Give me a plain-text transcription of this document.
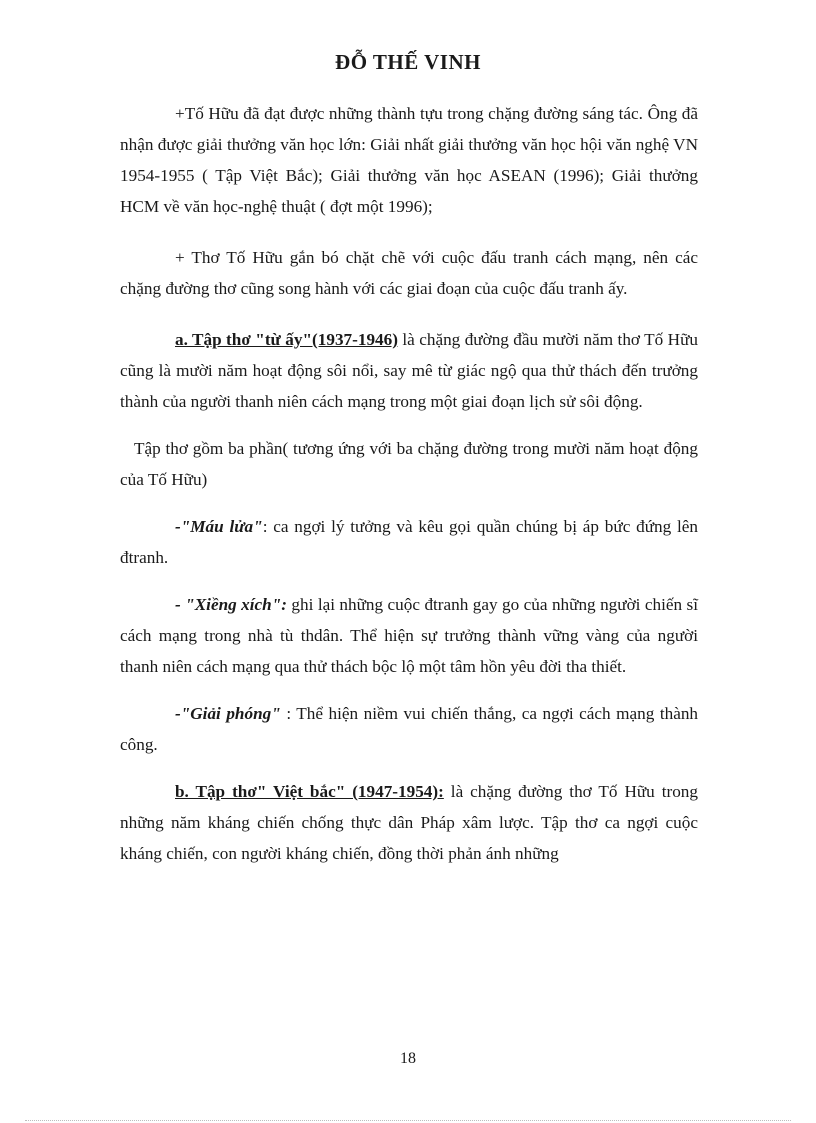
ĐỖ THẾ VINH

+Tố Hữu đã đạt được những thành tựu trong chặng đường sáng tác. Ông đã nhận được giải thưởng văn học lớn: Giải nhất giải thưởng văn học hội văn nghệ VN 1954-1955 ( Tập Việt Bắc); Giải thưởng văn học ASEAN (1996); Giải thưởng HCM về văn học-nghệ thuật ( đợt một 1996);

+ Thơ Tố Hữu gắn bó chặt chẽ với cuộc đấu tranh cách mạng, nên các chặng đường thơ cũng song hành với các giai đoạn của cuộc đấu tranh ấy.

a. Tập thơ "từ ấy"(1937-1946) là chặng đường đầu mười năm thơ Tố Hữu cũng là mười năm hoạt động sôi nổi, say mê từ giác ngộ qua thử thách đến trưởng thành của người thanh niên cách mạng trong một giai đoạn lịch sử sôi động.

Tập thơ gồm ba phần( tương ứng với ba chặng đường trong mười năm hoạt động của Tố Hữu)

-"Máu lửa": ca ngợi lý tưởng và kêu gọi quần chúng bị áp bức đứng lên đtranh.

- "Xiềng xích": ghi lại những cuộc đtranh gay go của những người chiến sĩ cách mạng trong nhà tù thdân. Thể hiện sự trưởng thành vững vàng của người thanh niên cách mạng qua thử thách bộc lộ một tâm hồn yêu đời tha thiết.

-"Giải phóng" : Thể hiện niềm vui chiến thắng, ca ngợi cách mạng thành công.

b. Tập thơ" Việt bắc" (1947-1954): là chặng đường thơ Tố Hữu trong những năm kháng chiến chống thực dân Pháp xâm lược. Tập thơ ca ngợi cuộc kháng chiến, con người kháng chiến, đồng thời phản ánh những

18
